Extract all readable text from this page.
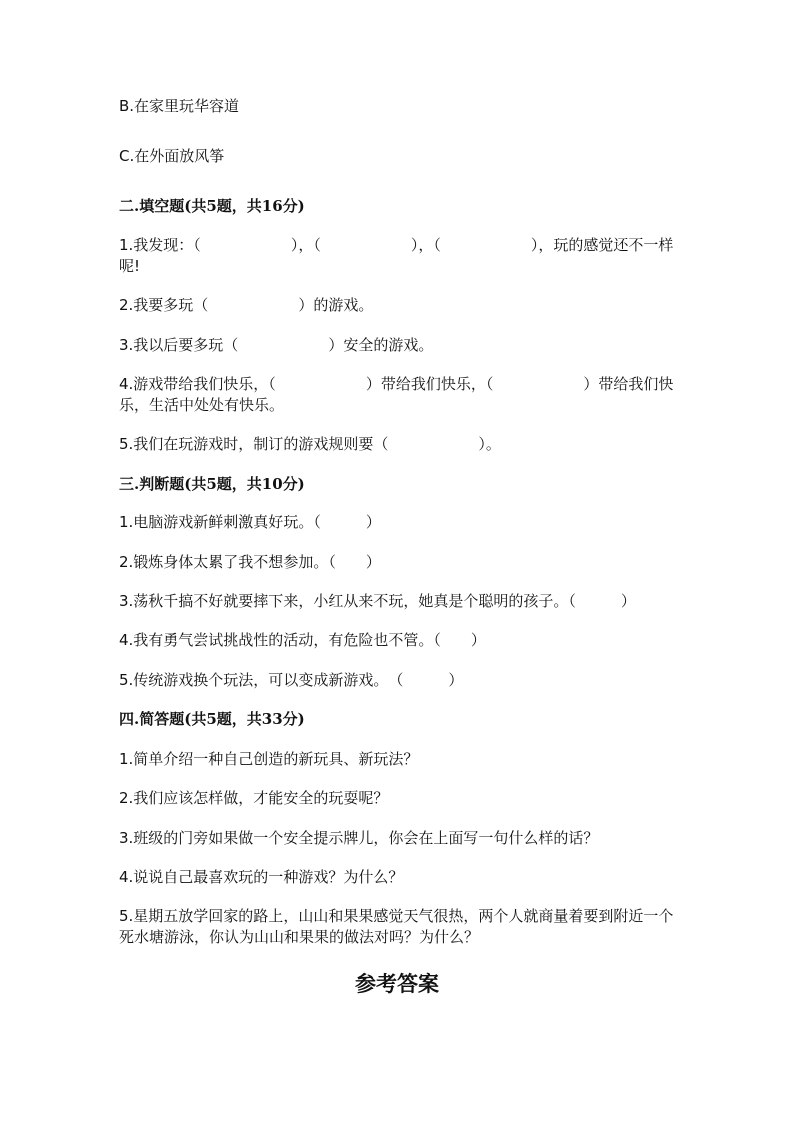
B.在家里玩华容道
C.在外面放风筝
二.填空题(共5题，共16分)
1.我发现：（　　　　　　），（　　　　　　），（　　　　　　），玩的感觉还不一样呢!
2.我要多玩（　　　　　　）的游戏。
3.我以后要多玩（　　　　　　）安全的游戏。
4.游戏带给我们快乐，（　　　　　　）带给我们快乐，（　　　　　　）带给我们快乐，生活中处处有快乐。
5.我们在玩游戏时，制订的游戏规则要（　　　　　　）。
三.判断题(共5题，共10分)
1.电脑游戏新鲜刺激真好玩。（　　　）
2.锻炼身体太累了我不想参加。（　　）
3.荡秋千搞不好就要摔下来，小红从来不玩，她真是个聪明的孩子。（　　　）
4.我有勇气尝试挑战性的活动，有危险也不管。（　　）
5.传统游戏换个玩法，可以变成新游戏。　（　　　）
四.简答题(共5题，共33分)
1.简单介绍一种自己创造的新玩具、新玩法？
2.我们应该怎样做，才能安全的玩耍呢？
3.班级的门旁如果做一个安全提示牌儿，你会在上面写一句什么样的话？
4.说说自己最喜欢玩的一种游戏？为什么？
5.星期五放学回家的路上，山山和果果感觉天气很热，两个人就商量着要到附近一个死水塘游泳，你认为山山和果果的做法对吗？为什么？
参考答案
